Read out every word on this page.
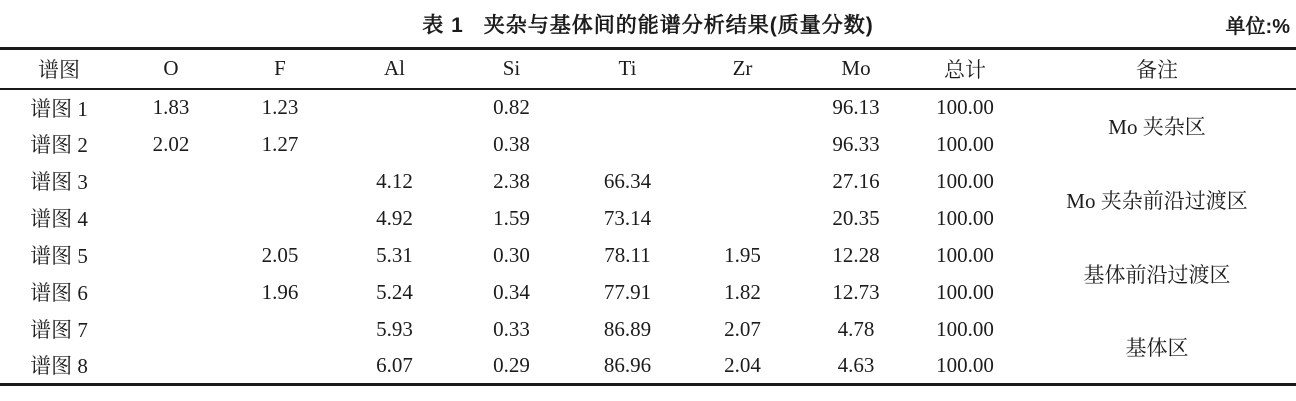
表 1 夹杂与基体间的能谱分析结果(质量分数)	单位:%
谱图	O	F	Al	Si	Ti	Zr	Mo	总计	备注
谱图 1	1.83	1.23		0.82			96.13	100.00	Mo 夹杂区
谱图 2	2.02	1.27		0.38			96.33	100.00	
谱图 3			4.12	2.38	66.34		27.16	100.00	Mo 夹杂前沿过渡区
谱图 4			4.92	1.59	73.14		20.35	100.00	
谱图 5		2.05	5.31	0.30	78.11	1.95	12.28	100.00	基体前沿过渡区
谱图 6		1.96	5.24	0.34	77.91	1.82	12.73	100.00	
谱图 7			5.93	0.33	86.89	2.07	4.78	100.00	基体区
谱图 8			6.07	0.29	86.96	2.04	4.63	100.00	
